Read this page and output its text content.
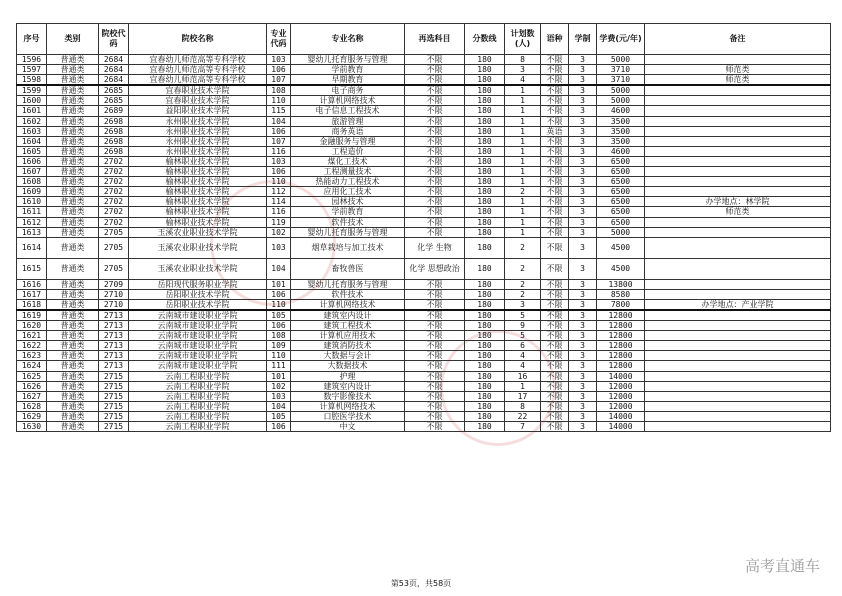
序号	类别	院校代码	院校名称	专业代码	专业名称	再选科目	分数线	计划数(人)	语种	学制	学费(元/年)	备注
1596	普通类	2684	宜春幼儿师范高等专科学校	103	婴幼儿托育服务与管理	不限	180	8	不限	3	5000	
1597	普通类	2684	宜春幼儿师范高等专科学校	106	学前教育	不限	180	3	不限	3	3710	师范类
1598	普通类	2684	宜春幼儿师范高等专科学校	107	早期教育	不限	180	4	不限	3	3710	师范类
1599	普通类	2685	宜春职业技术学院	108	电子商务	不限	180	1	不限	3	5000	
1600	普通类	2685	宜春职业技术学院	110	计算机网络技术	不限	180	1	不限	3	5000	
1601	普通类	2689	益阳职业技术学院	115	电子信息工程技术	不限	180	1	不限	3	4600	
1602	普通类	2698	永州职业技术学院	104	旅游管理	不限	180	1	不限	3	3500	
1603	普通类	2698	永州职业技术学院	106	商务英语	不限	180	1	英语	3	3500	
1604	普通类	2698	永州职业技术学院	107	金融服务与管理	不限	180	1	不限	3	3500	
1605	普通类	2698	永州职业技术学院	116	工程造价	不限	180	1	不限	3	4600	
1606	普通类	2702	榆林职业技术学院	103	煤化工技术	不限	180	1	不限	3	6500	
1607	普通类	2702	榆林职业技术学院	106	工程测量技术	不限	180	1	不限	3	6500	
1608	普通类	2702	榆林职业技术学院	110	热能动力工程技术	不限	180	1	不限	3	6500	
1609	普通类	2702	榆林职业技术学院	112	应用化工技术	不限	180	2	不限	3	6500	
1610	普通类	2702	榆林职业技术学院	114	园林技术	不限	180	1	不限	3	6500	办学地点：林学院
1611	普通类	2702	榆林职业技术学院	116	学前教育	不限	180	1	不限	3	6500	师范类
1612	普通类	2702	榆林职业技术学院	119	软件技术	不限	180	1	不限	3	6500	
1613	普通类	2705	玉溪农业职业技术学院	102	婴幼儿托育服务与管理	不限	180	1	不限	3	5000	
1614	普通类	2705	玉溪农业职业技术学院	103	烟草栽培与加工技术	化学 生物	180	2	不限	3	4500	
1615	普通类	2705	玉溪农业职业技术学院	104	畜牧兽医	化学 思想政治	180	2	不限	3	4500	
1616	普通类	2709	岳阳现代服务职业学院	101	婴幼儿托育服务与管理	不限	180	2	不限	3	13800	
1617	普通类	2710	岳阳职业技术学院	106	软件技术	不限	180	2	不限	3	8580	
1618	普通类	2710	岳阳职业技术学院	110	计算机网络技术	不限	180	3	不限	3	7800	办学地点：产业学院
1619	普通类	2713	云南城市建设职业学院	105	建筑室内设计	不限	180	5	不限	3	12800	
1620	普通类	2713	云南城市建设职业学院	106	建筑工程技术	不限	180	9	不限	3	12800	
1621	普通类	2713	云南城市建设职业学院	108	计算机应用技术	不限	180	5	不限	3	12800	
1622	普通类	2713	云南城市建设职业学院	109	建筑消防技术	不限	180	6	不限	3	12800	
1623	普通类	2713	云南城市建设职业学院	110	大数据与会计	不限	180	4	不限	3	12800	
1624	普通类	2713	云南城市建设职业学院	111	大数据技术	不限	180	4	不限	3	12800	
1625	普通类	2715	云南工程职业学院	101	护理	不限	180	16	不限	3	14000	
1626	普通类	2715	云南工程职业学院	102	建筑室内设计	不限	180	1	不限	3	12000	
1627	普通类	2715	云南工程职业学院	103	数字影像技术	不限	180	17	不限	3	12000	
1628	普通类	2715	云南工程职业学院	104	计算机网络技术	不限	180	8	不限	3	12000	
1629	普通类	2715	云南工程职业学院	105	口腔医学技术	不限	180	22	不限	3	14000	
1630	普通类	2715	云南工程职业学院	106	中文	不限	180	7	不限	3	14000	
第53页，共58页
高考直通车
